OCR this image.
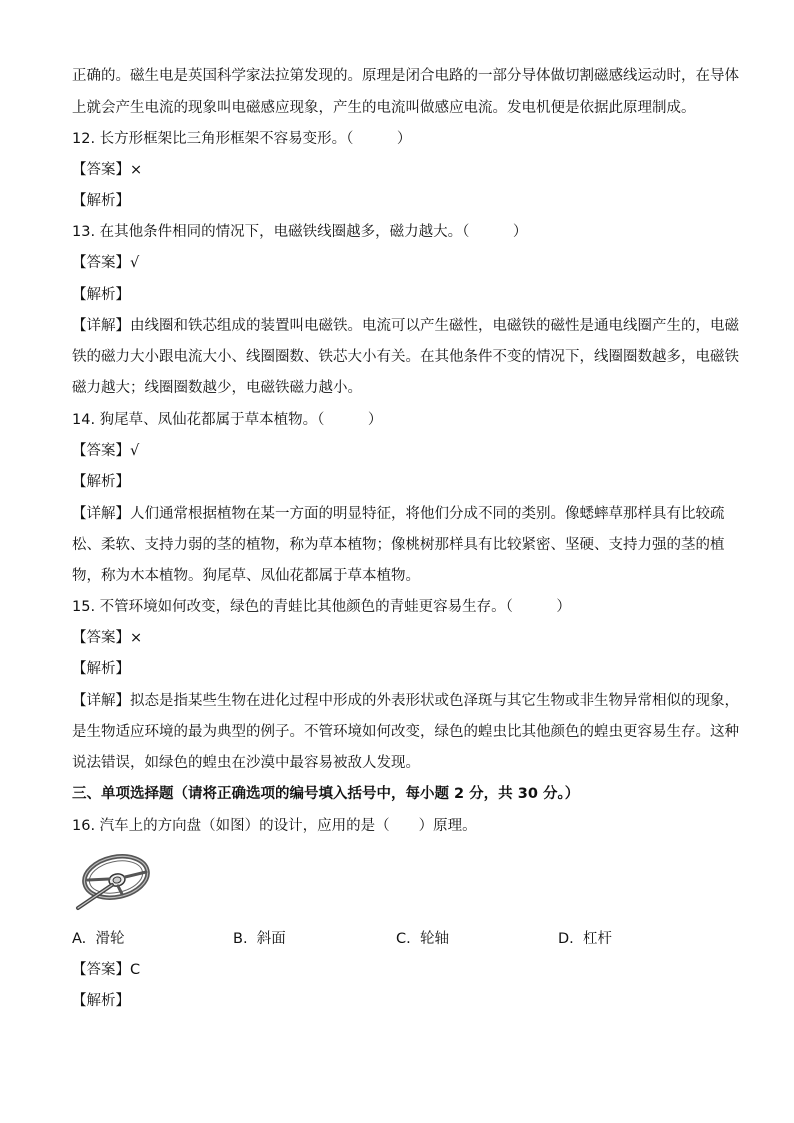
正确的。磁生电是英国科学家法拉第发现的。原理是闭合电路的一部分导体做切割磁感线运动时，在导体
上就会产生电流的现象叫电磁感应现象，产生的电流叫做感应电流。发电机便是依据此原理制成。
12. 长方形框架比三角形框架不容易变形。（　　　）
【答案】×
【解析】
13. 在其他条件相同的情况下，电磁铁线圈越多，磁力越大。（　　　）
【答案】√
【解析】
【详解】由线圈和铁芯组成的装置叫电磁铁。电流可以产生磁性，电磁铁的磁性是通电线圈产生的，电磁
铁的磁力大小跟电流大小、线圈圈数、铁芯大小有关。在其他条件不变的情况下，线圈圈数越多，电磁铁
磁力越大；线圈圈数越少，电磁铁磁力越小。
14. 狗尾草、凤仙花都属于草本植物。（　　　）
【答案】√
【解析】
【详解】人们通常根据植物在某一方面的明显特征，将他们分成不同的类别。像蟋蟀草那样具有比较疏
松、柔软、支持力弱的茎的植物，称为草本植物；像桃树那样具有比较紧密、坚硬、支持力强的茎的植
物，称为木本植物。狗尾草、凤仙花都属于草本植物。
15. 不管环境如何改变，绿色的青蛙比其他颜色的青蛙更容易生存。（　　　）
【答案】×
【解析】
【详解】拟态是指某些生物在进化过程中形成的外表形状或色泽斑与其它生物或非生物异常相似的现象，
是生物适应环境的最为典型的例子。不管环境如何改变，绿色的蝗虫比其他颜色的蝗虫更容易生存。这种
说法错误，如绿色的蝗虫在沙漠中最容易被敌人发现。
三、单项选择题（请将正确选项的编号填入括号中，每小题 2 分，共 30 分。）
16. 汽车上的方向盘（如图）的设计，应用的是（　　）原理。
A. 滑轮	B. 斜面	C. 轮轴	D. 杠杆
【答案】C
【解析】
